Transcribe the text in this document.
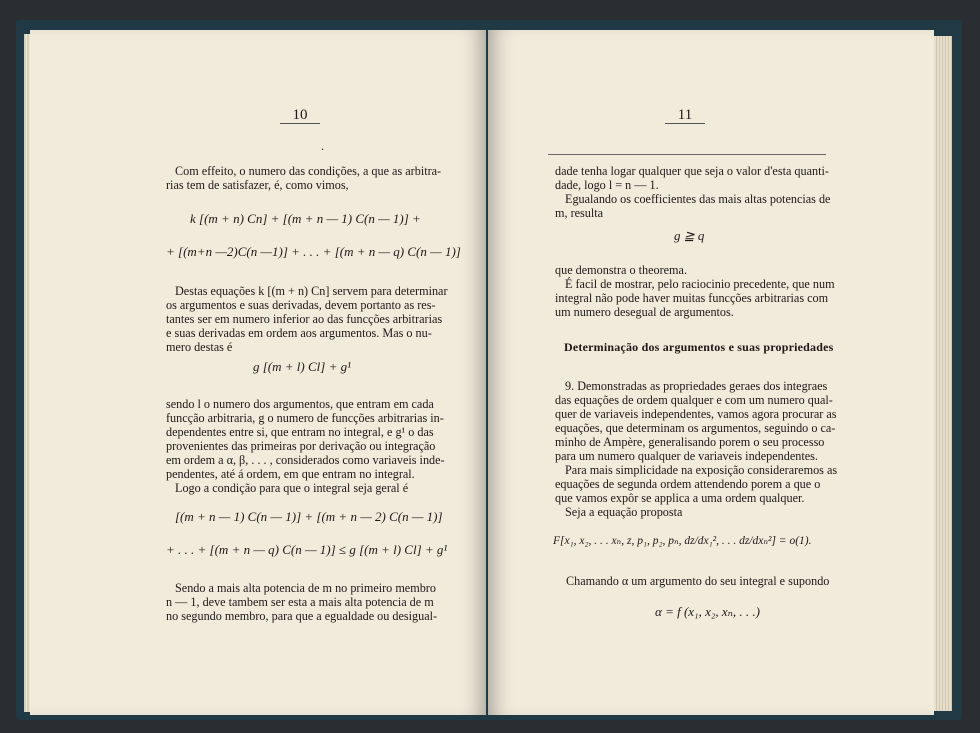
10
.
Com effeito, o numero das condições, a que as arbitra-
rias tem de satisfazer, é, como vimos,
k [(m + n) Cn] + [(m + n — 1) C(n — 1)] +
+ [(m+n —2)C(n —1)] + . . . + [(m + n — q) C(n — 1)]
Destas equações k [(m + n) Cn] servem para determinar
os argumentos e suas derivadas, devem portanto as res-
tantes ser em numero inferior ao das funcções arbitrarias
e suas derivadas em ordem aos argumentos. Mas o nu-
mero destas é
g [(m + l) Cl] + g¹
sendo l o numero dos argumentos, que entram em cada
funcção arbitraria, g o numero de funcções arbitrarias in-
dependentes entre si, que entram no integral, e g¹ o das
provenientes das primeiras por derivação ou integração
em ordem a α, β, . . . , considerados como variaveis inde-
pendentes, até á ordem, em que entram no integral.
Logo a condição para que o integral seja geral é
[(m + n — 1) C(n — 1)] + [(m + n — 2) C(n — 1)]
+ . . . + [(m + n — q) C(n — 1)] ≤ g [(m + l) Cl] + g¹
Sendo a mais alta potencia de m no primeiro membro
n — 1, deve tambem ser esta a mais alta potencia de m
no segundo membro, para que a egualdade ou desigual-
11
dade tenha logar qualquer que seja o valor d'esta quanti-
dade, logo l = n — 1.
Egualando os coefficientes das mais altas potencias de
m, resulta
g ≧ q
que demonstra o theorema.
É facil de mostrar, pelo raciocinio precedente, que num
integral não pode haver muitas funcções arbitrarias com
um numero desegual de argumentos.
Determinação dos argumentos e suas propriedades
9. Demonstradas as propriedades geraes dos integraes
das equações de ordem qualquer e com um numero qual-
quer de variaveis independentes, vamos agora procurar as
equações, que determinam os argumentos, seguindo o ca-
minho de Ampère, generalisando porem o seu processo
para um numero qualquer de variaveis independentes.
Para mais simplicidade na exposição consideraremos as
equações de segunda ordem attendendo porem a que o
que vamos expôr se applica a uma ordem qualquer.
Seja a equação proposta
F[x₁, x₂, . . . xₙ, z, p₁, p₂, pₙ, dz/dx₁², . . . dz/dxₙ²] = o(1).
Chamando α um argumento do seu integral e supondo
α = f (x₁, x₂, xₙ, . . .)
